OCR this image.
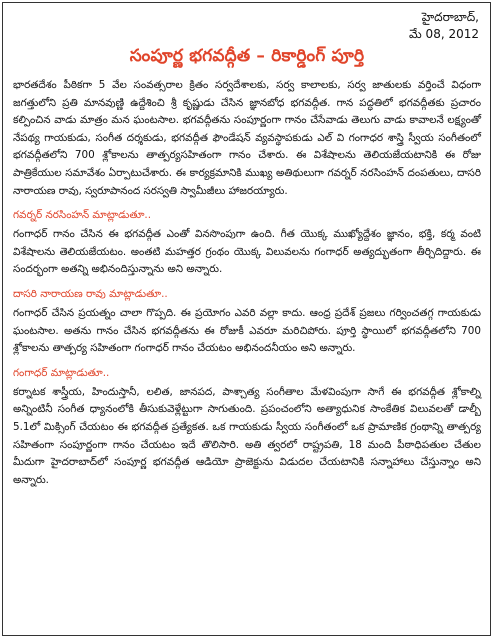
హైదరాబాద్,
మే 08, 2012
సంపూర్ణ భగవద్గీత – రికార్డింగ్ పూర్తి

భారతదేశం పీఠికగా 5 వేల సంవత్సరాల క్రితం సర్వదేశాలకు, సర్వ కాలాలకు, సర్వ జాతులకు వర్తించే విధంగా జగత్తులోని ప్రతి మానవుణ్ణి ఉద్దేశించి శ్రీ కృష్ణుడు చేసిన జ్ఞానబోధ భగవద్గీత. గాన పద్ధతిలో భగవద్గీతకు ప్రచారం కల్పించిన వాడు మాత్రం మన ఘంటసాల. భగవద్గీతను సంపూర్ణంగా గానం చేసేవాడు తెలుగు వాడు కావాలనే లక్ష్యంతో నేపథ్య గాయకుడు, సంగీత దర్శకుడు, భగవద్గీత ఫౌండేషన్ వ్యవస్థాపకుడు ఎల్ వి గంగాధర శాస్త్రి స్వీయ సంగీతంలో భగవద్గీతలోని 700 శ్లోకాలను తాత్పర్యసహితంగా గానం చేశారు. ఈ విశేషాలను తెలియజేయటానికి ఈ రోజు పాత్రికేయుల సమావేశం ఏర్పాటుచేశారు. ఈ కార్యక్రమానికి ముఖ్య అతిథులుగా గవర్నర్ నరసింహన్ దంపతులు, దాసరి నారాయణ రావు, స్వరూపానంద సరస్వతి స్వామీజీలు హాజరయ్యారు.

గవర్నర్ నరసింహన్ మాట్లాడుతూ..

గంగాధర్ గానం చేసిన ఈ భగవద్గీత ఎంతో వినసొంపుగా ఉంది. గీత యొక్క ముఖ్యోద్దేశం జ్ఞానం, భక్తి, కర్మ వంటి విశేషాలను తెలియజేయటం. అంతటి మహత్తర గ్రంథం యొక్క విలువలను గంగాధర్ అత్యద్భుతంగా తీర్చిదిద్దారు. ఈ సందర్భంగా అతన్ని అభినందిస్తున్నాను అని అన్నారు.

దాసరి నారాయణ రావు మాట్లాడుతూ..

గంగాధర్ చేసిన ప్రయత్నం చాలా గొప్పది. ఈ ప్రయోగం ఎవరి వల్లా కాదు. ఆంధ్ర ప్రదేశ్ ప్రజలు గర్వించతగ్గ గాయకుడు ఘంటసాల. అతను గానం చేసిన భగవద్గీతను ఈ రోజుకీ ఎవరూ మరిచిపోరు. పూర్తి స్థాయిలో భగవద్గీతలోని 700 శ్లోకాలను తాత్పర్య సహితంగా గంగాధర్ గానం చేయటం అభినందనీయం అని అన్నారు.

గంగాధర్ మాట్లాడుతూ..

కర్నాటక శాస్త్రీయ, హిందుస్తానీ, లలిత, జానపద, పాశ్చాత్య సంగీతాల మేళవింపుగా సాగే ఈ భగవద్గీత శ్లోకాల్ని అన్నింటినీ సంగీత ధ్యానంలోకి తీసుకువెళ్లేట్టుగా సాగుతుంది. ప్రపంచంలోని అత్యాధునిక సాంకేతిక విలువలతో డాల్బీ 5.1లో మిక్సింగ్ చేయటం ఈ భగవద్గీత ప్రత్యేకత. ఒక గాయకుడు స్వీయ సంగీతంలో ఒక ప్రామాణిక గ్రంథాన్ని తాత్పర్య సహితంగా సంపూర్ణంగా గానం చేయటం ఇదే తొలిసారి. అతి త్వరలో రాష్ట్రపతి, 18 మంది పీఠాధిపతుల చేతుల మీదుగా హైదరాబాద్‌లో సంపూర్ణ భగవద్గీత ఆడియో ప్రాజెక్టును విడుదల చేయటానికి సన్నాహాలు చేస్తున్నాం అని అన్నారు.
